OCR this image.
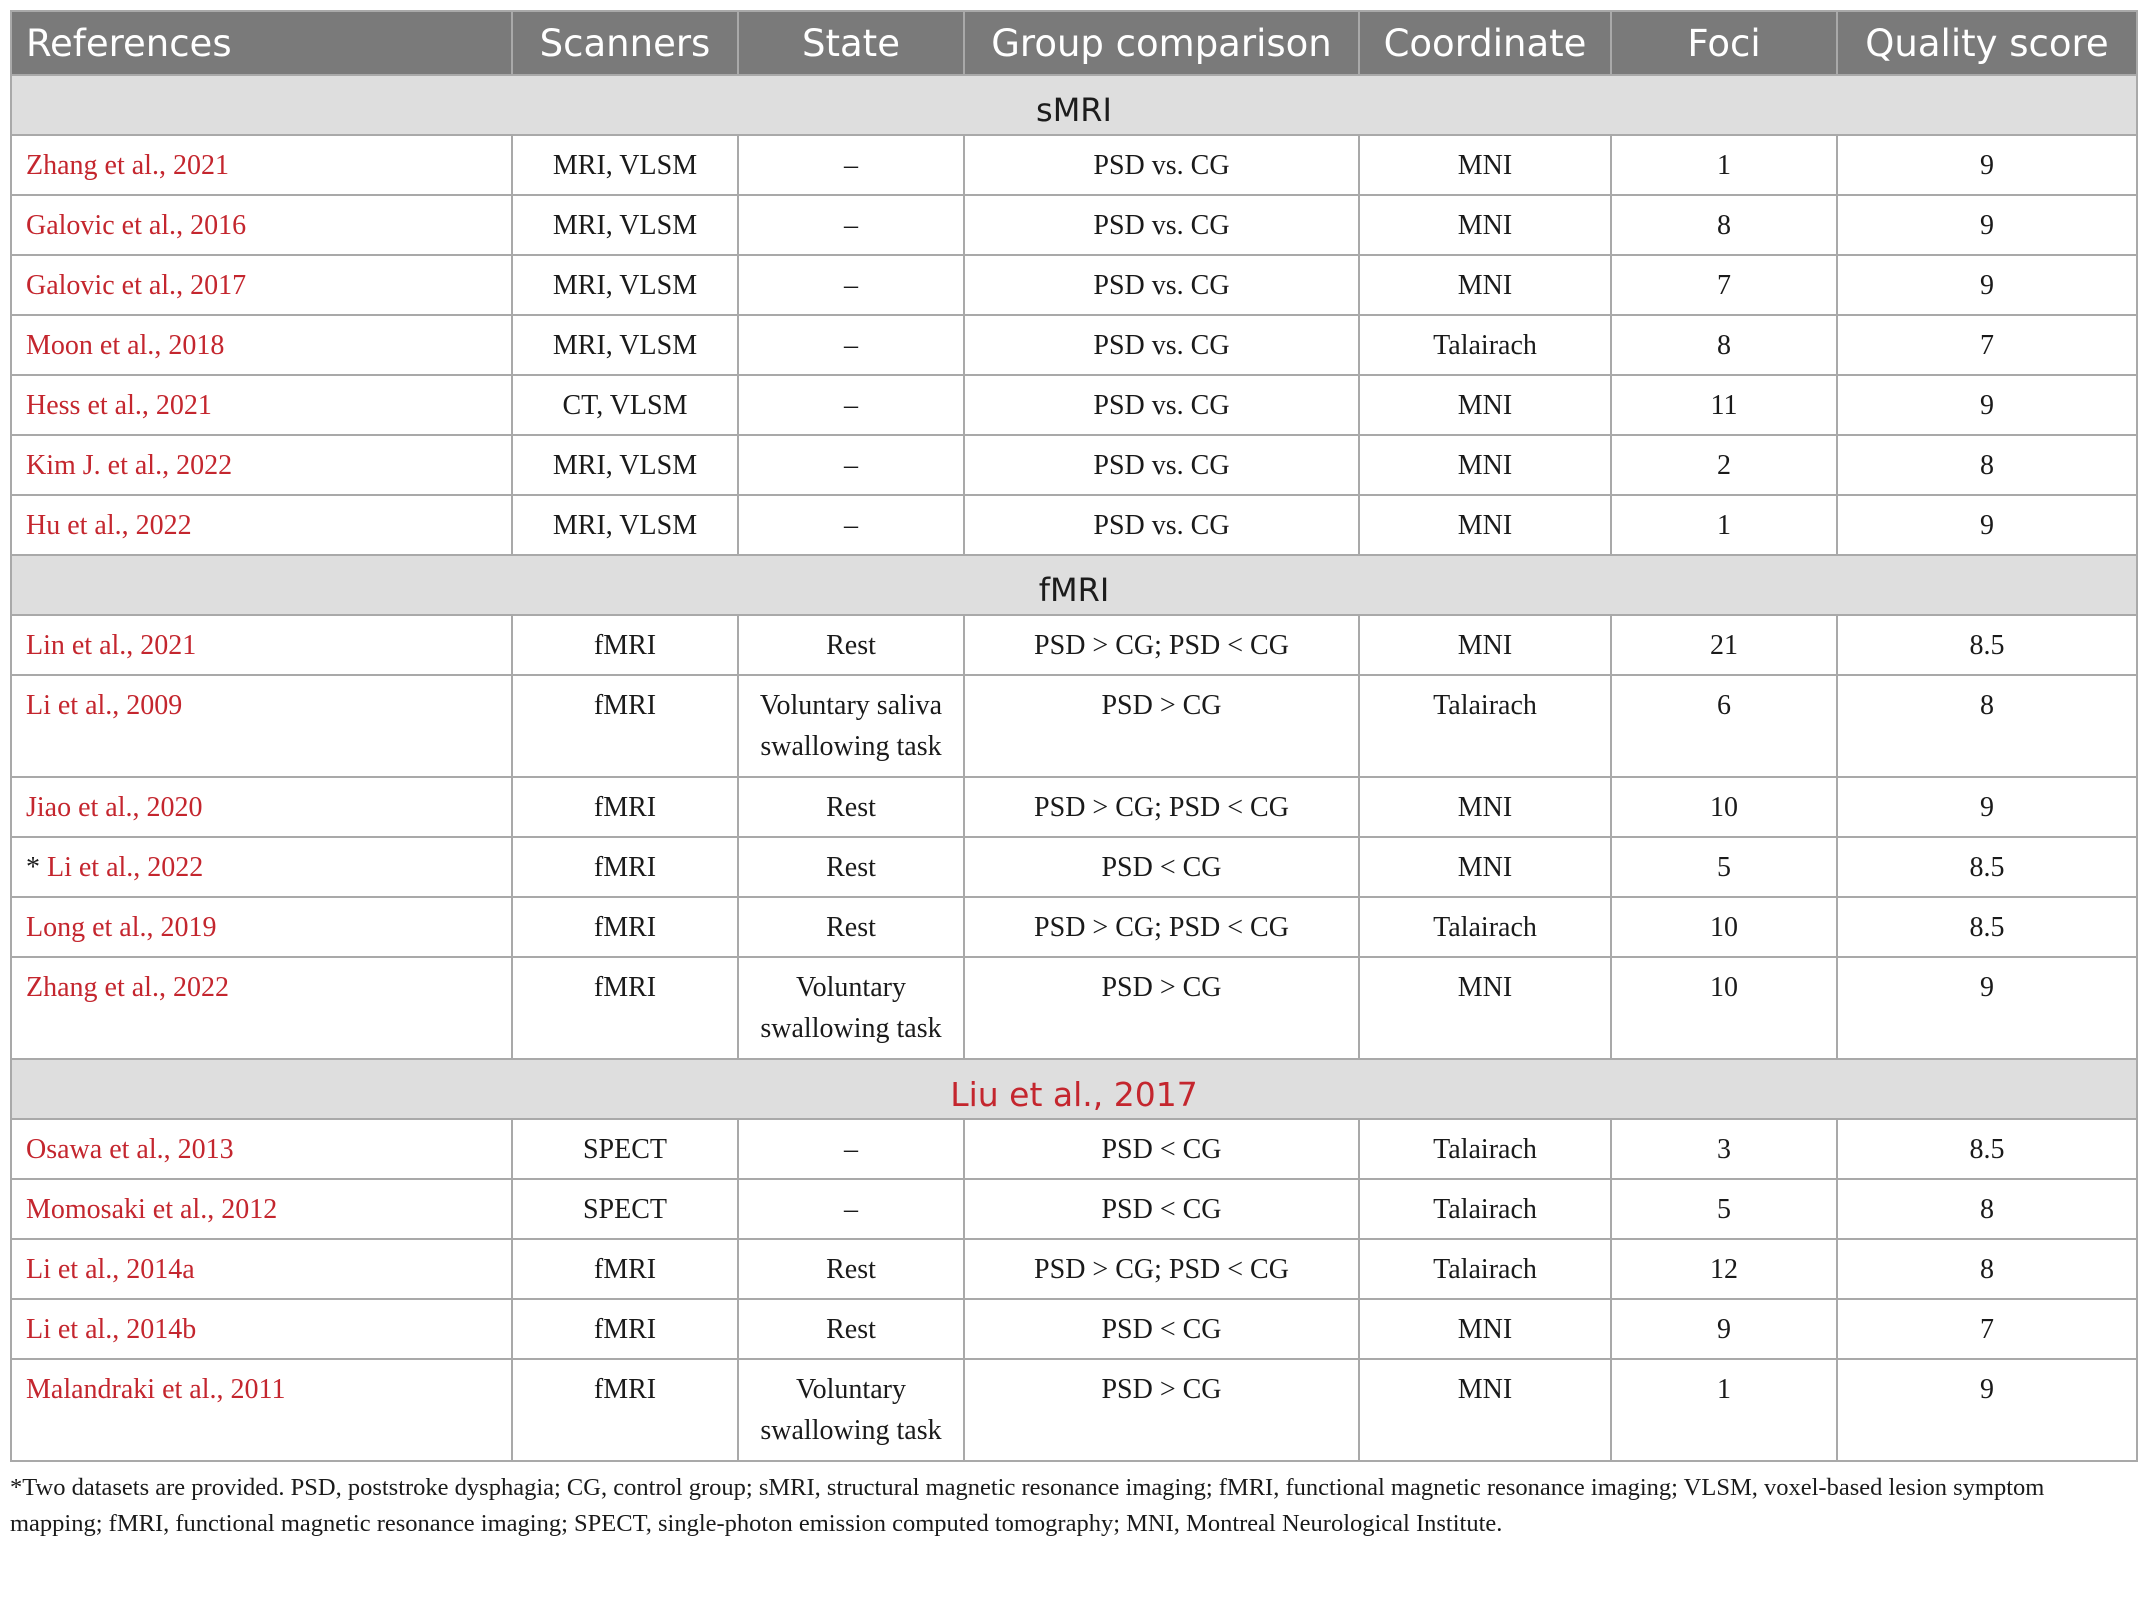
References	Scanners	State	Group comparison	Coordinate	Foci	Quality score
sMRI						
Zhang et al., 2021	MRI, VLSM	–	PSD vs. CG	MNI	1	9
Galovic et al., 2016	MRI, VLSM	–	PSD vs. CG	MNI	8	9
Galovic et al., 2017	MRI, VLSM	–	PSD vs. CG	MNI	7	9
Moon et al., 2018	MRI, VLSM	–	PSD vs. CG	Talairach	8	7
Hess et al., 2021	CT, VLSM	–	PSD vs. CG	MNI	11	9
Kim J. et al., 2022	MRI, VLSM	–	PSD vs. CG	MNI	2	8
Hu et al., 2022	MRI, VLSM	–	PSD vs. CG	MNI	1	9
fMRI						
Lin et al., 2021	fMRI	Rest	PSD > CG; PSD < CG	MNI	21	8.5
Li et al., 2009	fMRI	Voluntary saliva swallowing task	PSD > CG	Talairach	6	8
Jiao et al., 2020	fMRI	Rest	PSD > CG; PSD < CG	MNI	10	9
* Li et al., 2022	fMRI	Rest	PSD < CG	MNI	5	8.5
Long et al., 2019	fMRI	Rest	PSD > CG; PSD < CG	Talairach	10	8.5
Zhang et al., 2022	fMRI	Voluntary swallowing task	PSD > CG	MNI	10	9
Liu et al., 2017						
Osawa et al., 2013	SPECT	–	PSD < CG	Talairach	3	8.5
Momosaki et al., 2012	SPECT	–	PSD < CG	Talairach	5	8
Li et al., 2014a	fMRI	Rest	PSD > CG; PSD < CG	Talairach	12	8
Li et al., 2014b	fMRI	Rest	PSD < CG	MNI	9	7
Malandraki et al., 2011	fMRI	Voluntary swallowing task	PSD > CG	MNI	1	9
*Two datasets are provided. PSD, poststroke dysphagia; CG, control group; sMRI, structural magnetic resonance imaging; fMRI, functional magnetic resonance imaging; VLSM, voxel-based lesion symptom mapping; fMRI, functional magnetic resonance imaging; SPECT, single-photon emission computed tomography; MNI, Montreal Neurological Institute.
